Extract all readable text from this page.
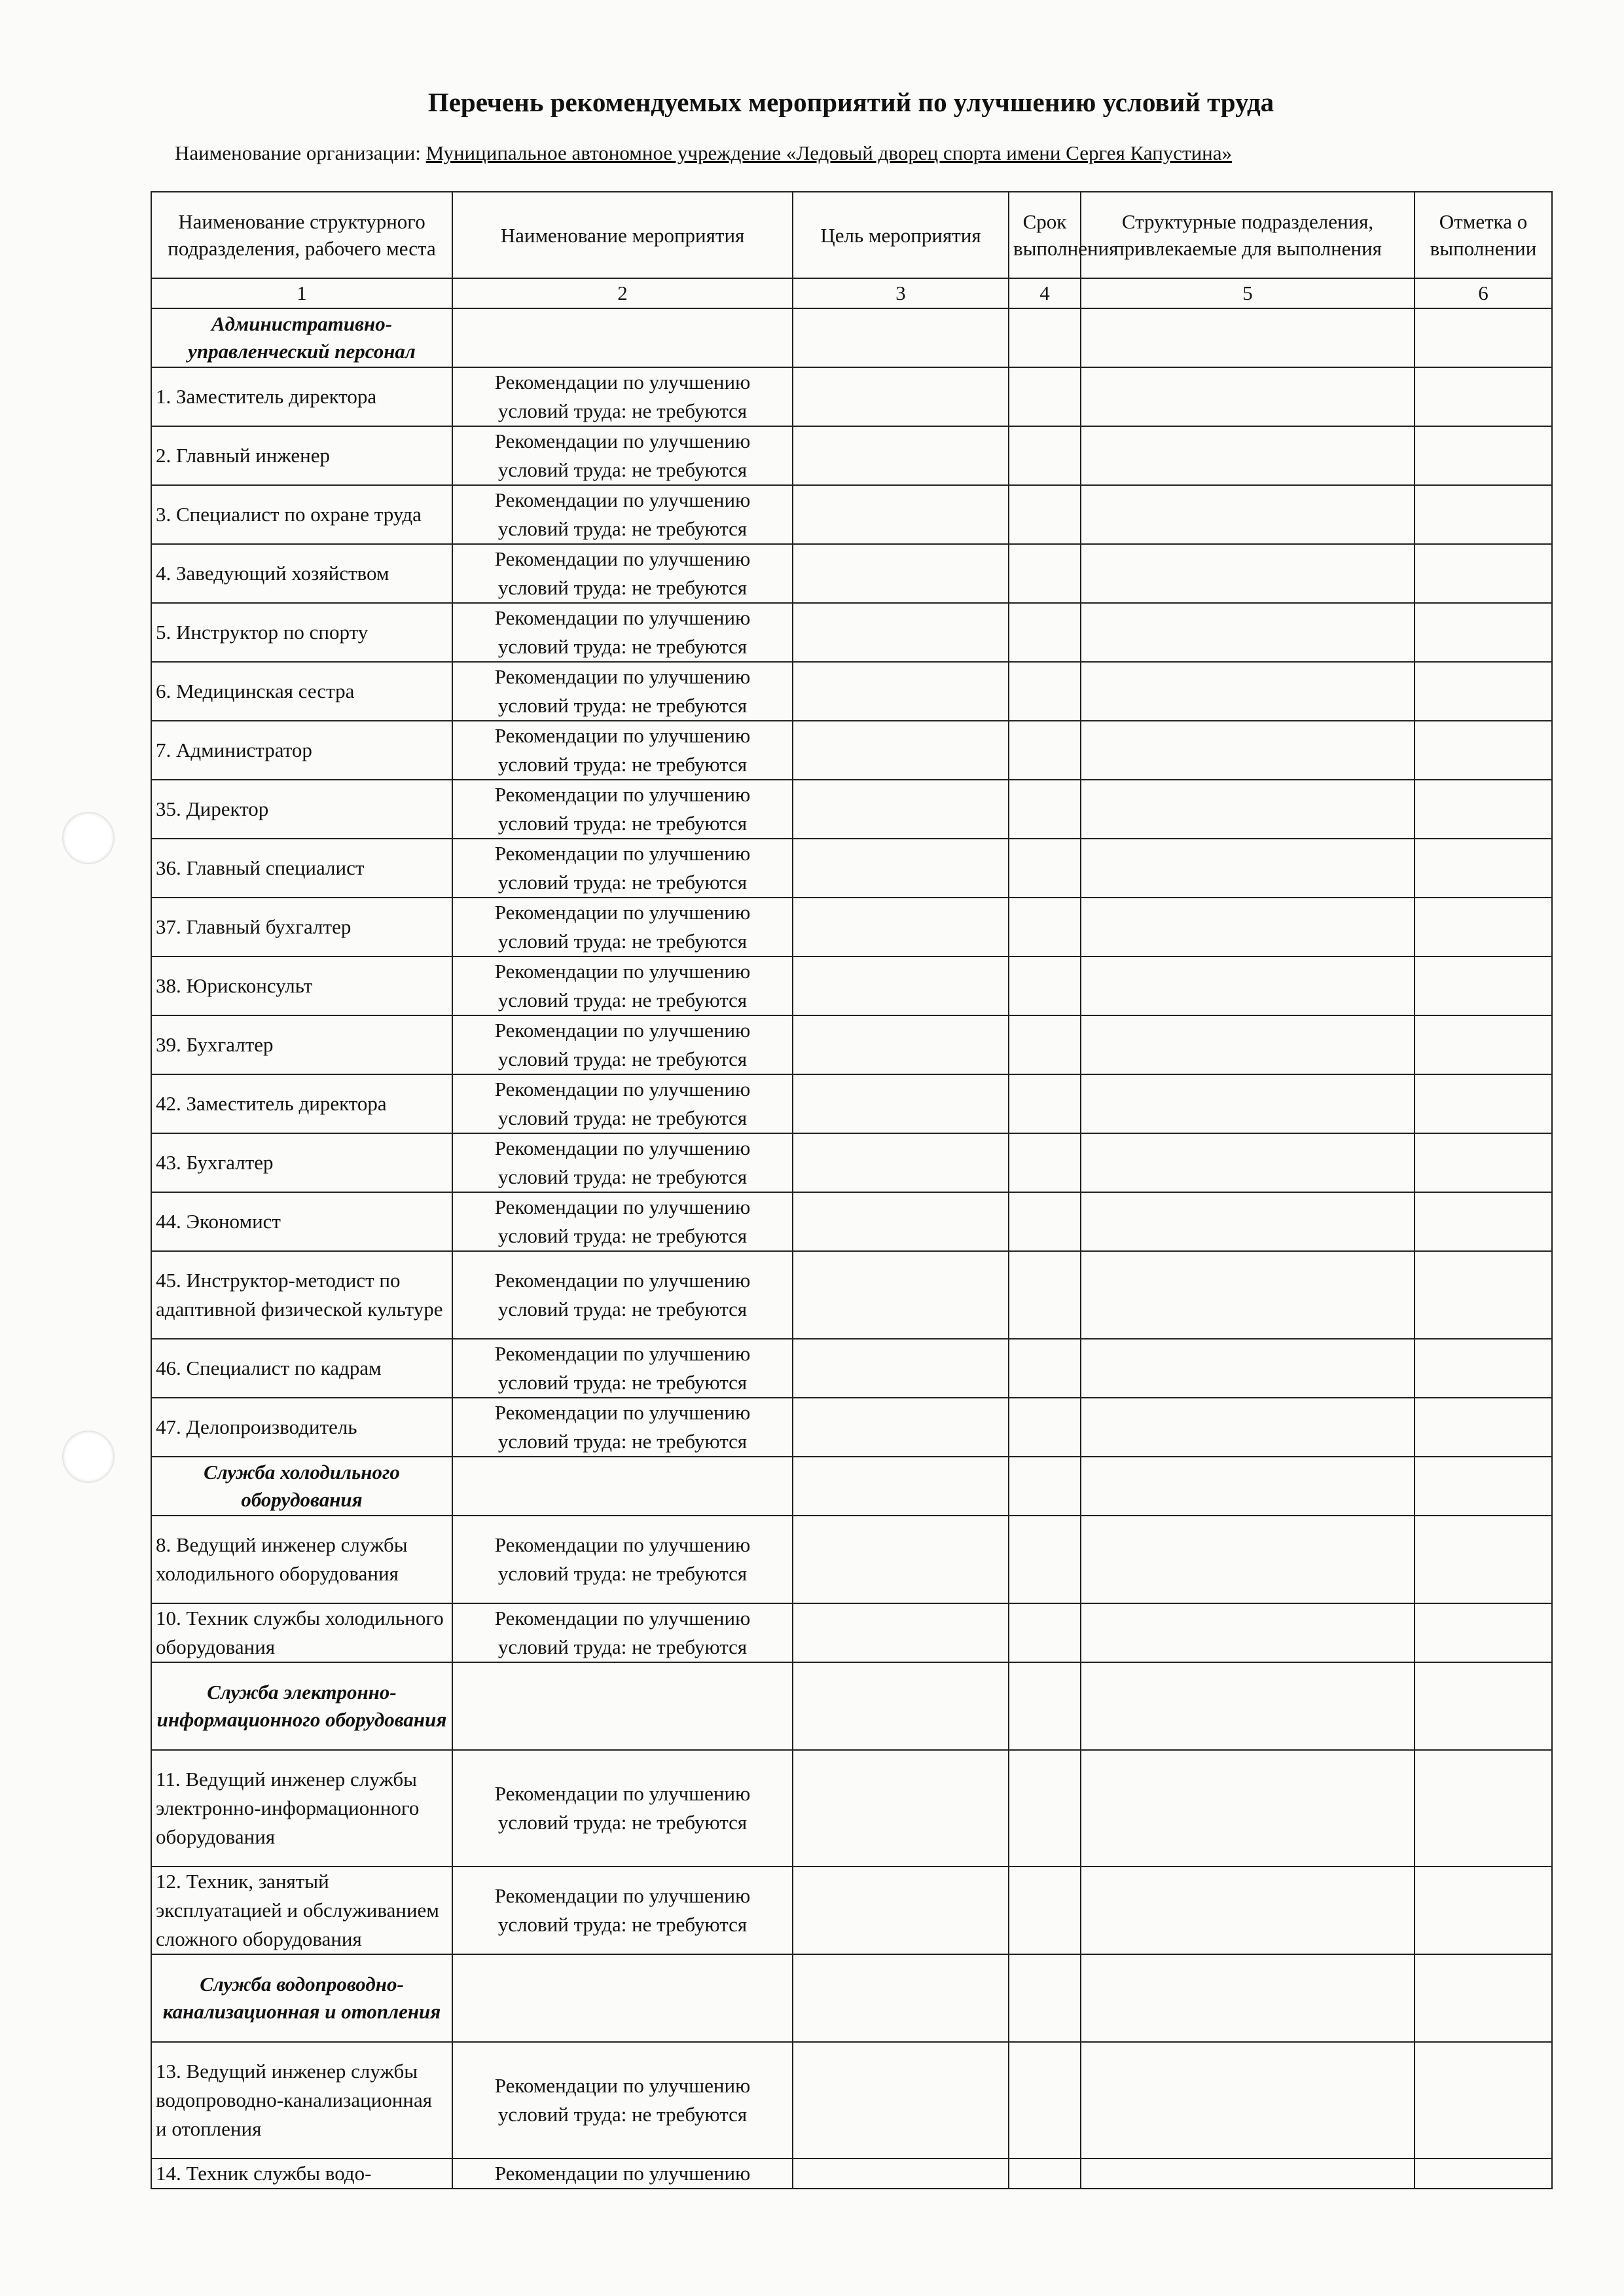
Перечень рекомендуемых мероприятий по улучшению условий труда
Наименование организации: Муниципальное автономное учреждение «Ледовый дворец спорта имени Сергея Капустина»
Наименование структурного подразделения, рабочего места	Наименование мероприятия	Цель мероприятия	Срок выполнения	Структурные подразделения, привлекаемые для выполнения	Отметка о выполнении
1	2	3	4	5	6
Административно-управленческий персонал					
1. Заместитель директора	Рекомендации по улучшению условий труда: не требуются				
2. Главный инженер	Рекомендации по улучшению условий труда: не требуются				
3. Специалист по охране труда	Рекомендации по улучшению условий труда: не требуются				
4. Заведующий хозяйством	Рекомендации по улучшению условий труда: не требуются				
5. Инструктор по спорту	Рекомендации по улучшению условий труда: не требуются				
6. Медицинская сестра	Рекомендации по улучшению условий труда: не требуются				
7. Администратор	Рекомендации по улучшению условий труда: не требуются				
35. Директор	Рекомендации по улучшению условий труда: не требуются				
36. Главный специалист	Рекомендации по улучшению условий труда: не требуются				
37. Главный бухгалтер	Рекомендации по улучшению условий труда: не требуются				
38. Юрисконсульт	Рекомендации по улучшению условий труда: не требуются				
39. Бухгалтер	Рекомендации по улучшению условий труда: не требуются				
42. Заместитель директора	Рекомендации по улучшению условий труда: не требуются				
43. Бухгалтер	Рекомендации по улучшению условий труда: не требуются				
44. Экономист	Рекомендации по улучшению условий труда: не требуются				
45. Инструктор-методист по адаптивной физической культуре	Рекомендации по улучшению условий труда: не требуются				
46. Специалист по кадрам	Рекомендации по улучшению условий труда: не требуются				
47. Делопроизводитель	Рекомендации по улучшению условий труда: не требуются				
Служба холодильного оборудования					
8. Ведущий инженер службы холодильного оборудования	Рекомендации по улучшению условий труда: не требуются				
10. Техник службы холодильного оборудования	Рекомендации по улучшению условий труда: не требуются				
Служба электронно-информационного оборудования					
11. Ведущий инженер службы электронно-информационного оборудования	Рекомендации по улучшению условий труда: не требуются				
12. Техник, занятый эксплуатацией и обслуживанием сложного оборудования	Рекомендации по улучшению условий труда: не требуются				
Служба водопроводно-канализационная и отопления					
13. Ведущий инженер службы водопроводно-канализационная и отопления	Рекомендации по улучшению условий труда: не требуются				
14. Техник службы водо-	Рекомендации по улучшению				
